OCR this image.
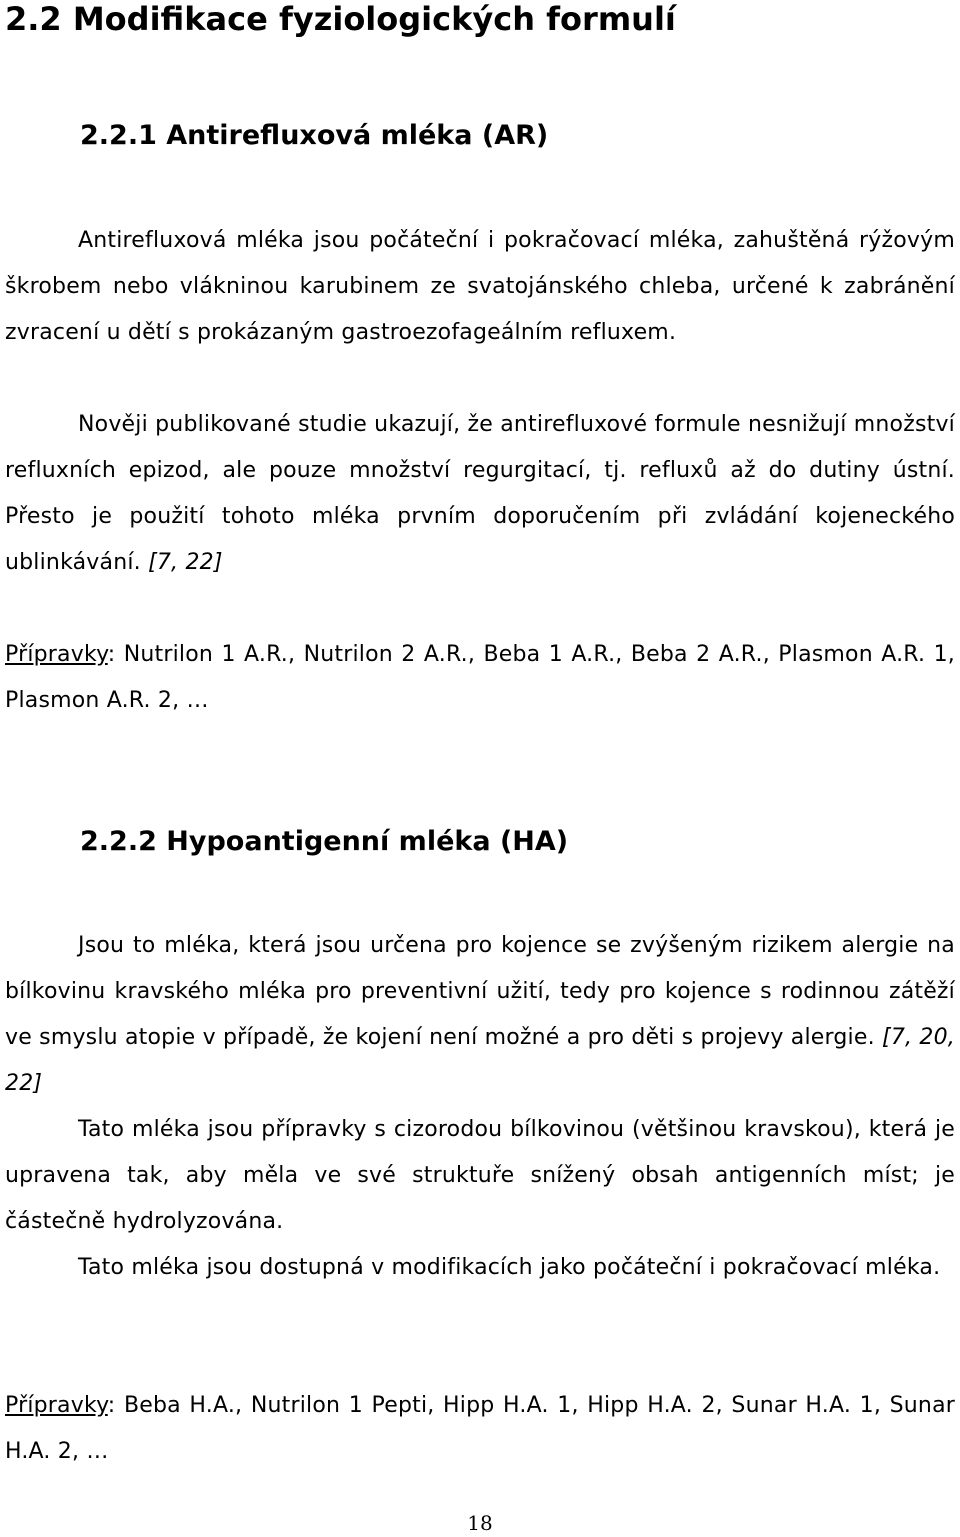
2.2 Modifikace fyziologických formulí
2.2.1 Antirefluxová mléka (AR)
Antirefluxová mléka jsou počáteční i pokračovací mléka, zahuštěná rýžovým škrobem nebo vlákninou karubinem ze svatojánského chleba, určené k zabránění zvracení u dětí s prokázaným gastroezofageálním refluxem.
Nověji publikované studie ukazují, že antirefluxové formule nesnižují množství refluxních epizod, ale pouze množství regurgitací, tj. refluxů až do dutiny ústní. Přesto je použití tohoto mléka prvním doporučením při zvládání kojeneckého ublinkávání. [7, 22]
Přípravky: Nutrilon 1 A.R., Nutrilon 2 A.R., Beba 1 A.R., Beba 2 A.R., Plasmon A.R. 1, Plasmon A.R. 2, …
2.2.2 Hypoantigenní mléka (HA)
Jsou to mléka, která jsou určena pro kojence se zvýšeným rizikem alergie na bílkovinu kravského mléka pro preventivní užití, tedy pro kojence s rodinnou zátěží ve smyslu atopie v případě, že kojení není možné a pro děti s projevy alergie. [7, 20, 22]
Tato mléka jsou přípravky s cizorodou bílkovinou (většinou kravskou), která je upravena tak, aby měla ve své struktuře snížený obsah antigenních míst; je částečně hydrolyzována.
Tato mléka jsou dostupná v modifikacích jako počáteční i pokračovací mléka.
Přípravky: Beba H.A., Nutrilon 1 Pepti, Hipp H.A. 1, Hipp H.A. 2, Sunar H.A. 1, Sunar H.A. 2, …
18
